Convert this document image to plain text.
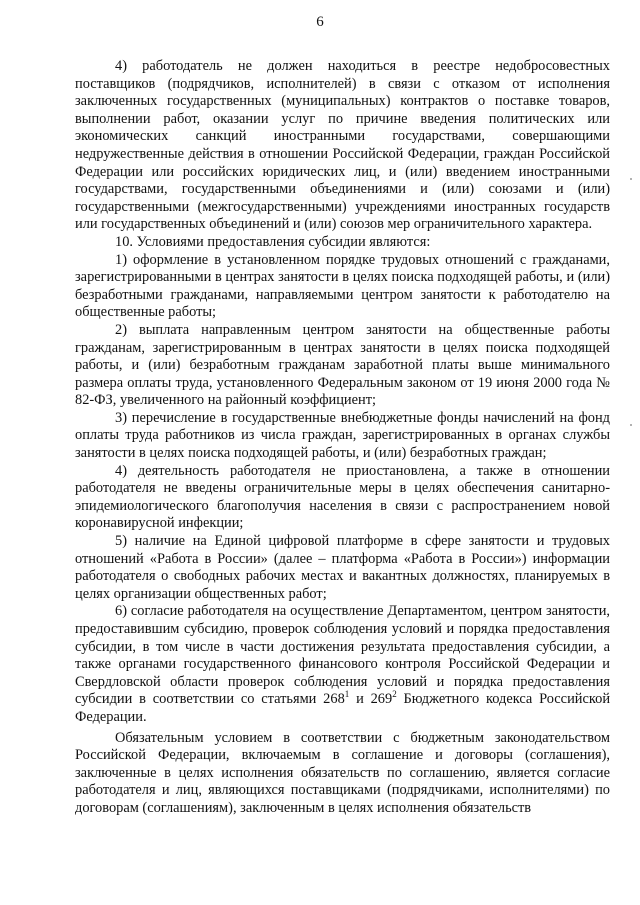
6

4) работодатель не должен находиться в реестре недобросовестных поставщиков (подрядчиков, исполнителей) в связи с отказом от исполнения заключенных государственных (муниципальных) контрактов о поставке товаров, выполнении работ, оказании услуг по причине введения политических или экономических санкций иностранными государствами, совершающими недружественные действия в отношении Российской Федерации, граждан Российской Федерации или российских юридических лиц, и (или) введением иностранными государствами, государственными объединениями и (или) союзами и (или) государственными (межгосударственными) учреждениями иностранных государств или государственных объединений и (или) союзов мер ограничительного характера.

10. Условиями предоставления субсидии являются:

1) оформление в установленном порядке трудовых отношений с гражданами, зарегистрированными в центрах занятости в целях поиска подходящей работы, и (или) безработными гражданами, направляемыми центром занятости к работодателю на общественные работы;

2) выплата направленным центром занятости на общественные работы гражданам, зарегистрированным в центрах занятости в целях поиска подходящей работы, и (или) безработным гражданам заработной платы выше минимального размера оплаты труда, установленного Федеральным законом от 19 июня 2000 года № 82-ФЗ, увеличенного на районный коэффициент;

3) перечисление в государственные внебюджетные фонды начислений на фонд оплаты труда работников из числа граждан, зарегистрированных в органах службы занятости в целях поиска подходящей работы, и (или) безработных граждан;

4) деятельность работодателя не приостановлена, а также в отношении работодателя не введены ограничительные меры в целях обеспечения санитарно-эпидемиологического благополучия населения в связи с распространением новой коронавирусной инфекции;

5) наличие на Единой цифровой платформе в сфере занятости и трудовых отношений «Работа в России» (далее – платформа «Работа в России») информации работодателя о свободных рабочих местах и вакантных должностях, планируемых в целях организации общественных работ;

6) согласие работодателя на осуществление Департаментом, центром занятости, предоставившим субсидию, проверок соблюдения условий и порядка предоставления субсидии, в том числе в части достижения результата предоставления субсидии, а также органами государственного финансового контроля Российской Федерации и Свердловской области проверок соблюдения условий и порядка предоставления субсидии в соответствии со статьями $268^1$ и $269^2$ Бюджетного кодекса Российской Федерации.

Обязательным условием в соответствии с бюджетным законодательством Российской Федерации, включаемым в соглашение и договоры (соглашения), заключенные в целях исполнения обязательств по соглашению, является согласие работодателя и лиц, являющихся поставщиками (подрядчиками, исполнителями) по договорам (соглашениям), заключенным в целях исполнения обязательств
